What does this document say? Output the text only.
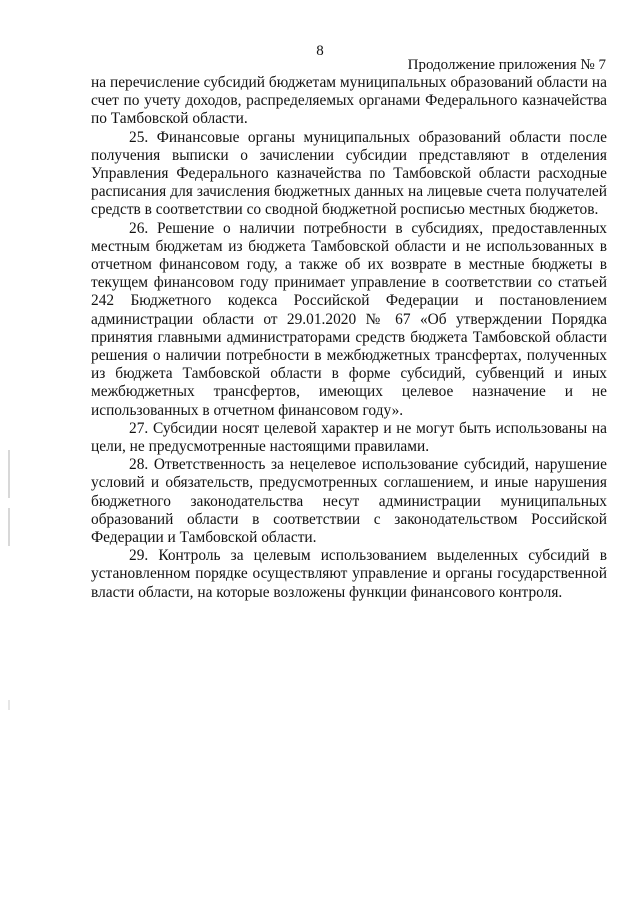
8
Продолжение приложения № 7

на перечисление субсидий бюджетам муниципальных образований области на счет по учету доходов, распределяемых органами Федерального казначейства по Тамбовской области.

25. Финансовые органы муниципальных образований области после получения выписки о зачислении субсидии представляют в отделения Управления Федерального казначейства по Тамбовской области расходные расписания для зачисления бюджетных данных на лицевые счета получателей средств в соответствии со сводной бюджетной росписью местных бюджетов.

26. Решение о наличии потребности в субсидиях, предоставленных местным бюджетам из бюджета Тамбовской области и не использованных в отчетном финансовом году, а также об их возврате в местные бюджеты в текущем финансовом году принимает управление в соответствии со статьей 242 Бюджетного кодекса Российской Федерации и постановлением администрации области от 29.01.2020 № 67 «Об утверждении Порядка принятия главными администраторами средств бюджета Тамбовской области решения о наличии потребности в межбюджетных трансфертах, полученных из бюджета Тамбовской области в форме субсидий, субвенций и иных межбюджетных трансфертов, имеющих целевое назначение и не использованных в отчетном финансовом году».

27. Субсидии носят целевой характер и не могут быть использованы на цели, не предусмотренные настоящими правилами.

28. Ответственность за нецелевое использование субсидий, нарушение условий и обязательств, предусмотренных соглашением, и иные нарушения бюджетного законодательства несут администрации муниципальных образований области в соответствии с законодательством Российской Федерации и Тамбовской области.

29. Контроль за целевым использованием выделенных субсидий в установленном порядке осуществляют управление и органы государственной власти области, на которые возложены функции финансового контроля.
